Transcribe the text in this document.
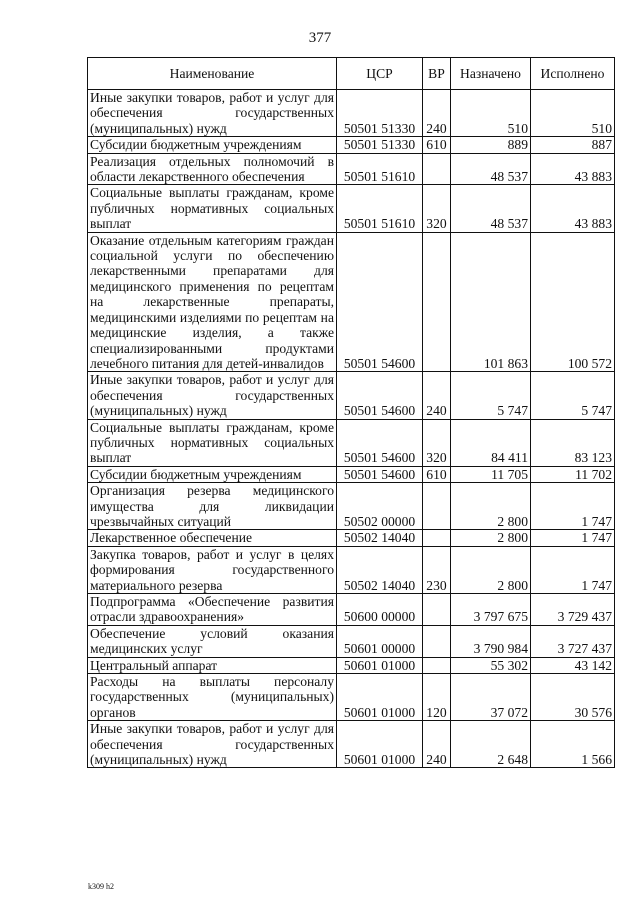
377
Наименование	ЦСР	ВР	Назначено	Исполнено
Иные закупки товаров, работ и услуг для обеспечения государственных (муниципальных) нужд	50501 51330	240	510	510
Субсидии бюджетным учреждениям	50501 51330	610	889	887
Реализация отдельных полномочий в области лекарственного обеспечения	50501 51610		48 537	43 883
Социальные выплаты гражданам, кроме публичных нормативных социальных выплат	50501 51610	320	48 537	43 883
Оказание отдельным категориям граждан социальной услуги по обеспечению лекарственными препаратами для медицинского применения по рецептам на лекарственные препараты, медицинскими изделиями по рецептам на медицинские изделия, а также специализированными продуктами лечебного питания для детей-инвалидов	50501 54600		101 863	100 572
Иные закупки товаров, работ и услуг для обеспечения государственных (муниципальных) нужд	50501 54600	240	5 747	5 747
Социальные выплаты гражданам, кроме публичных нормативных социальных выплат	50501 54600	320	84 411	83 123
Субсидии бюджетным учреждениям	50501 54600	610	11 705	11 702
Организация резерва медицинского имущества для ликвидации чрезвычайных ситуаций	50502 00000		2 800	1 747
Лекарственное обеспечение	50502 14040		2 800	1 747
Закупка товаров, работ и услуг в целях формирования государственного материального резерва	50502 14040	230	2 800	1 747
Подпрограмма «Обеспечение развития отрасли здравоохранения»	50600 00000		3 797 675	3 729 437
Обеспечение условий оказания медицинских услуг	50601 00000		3 790 984	3 727 437
Центральный аппарат	50601 01000		55 302	43 142
Расходы на выплаты персоналу государственных (муниципальных) органов	50601 01000	120	37 072	30 576
Иные закупки товаров, работ и услуг для обеспечения государственных (муниципальных) нужд	50601 01000	240	2 648	1 566
k309 h2
